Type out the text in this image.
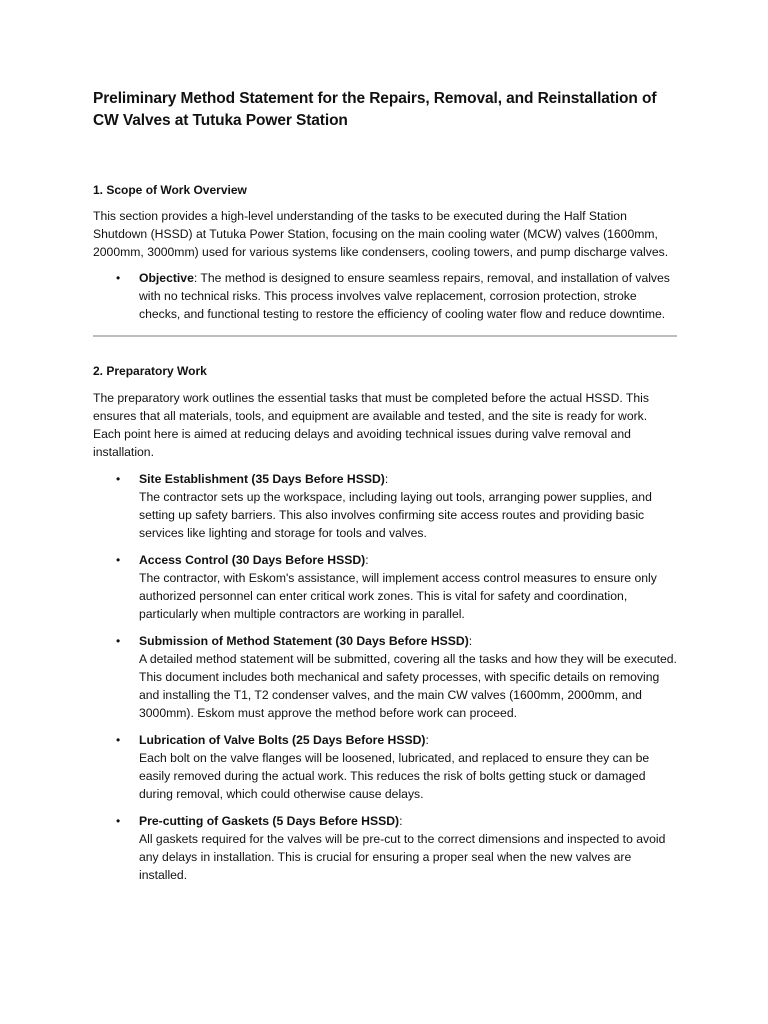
Preliminary Method Statement for the Repairs, Removal, and Reinstallation of CW Valves at Tutuka Power Station
1. Scope of Work Overview

This section provides a high-level understanding of the tasks to be executed during the Half Station Shutdown (HSSD) at Tutuka Power Station, focusing on the main cooling water (MCW) valves (1600mm, 2000mm, 3000mm) used for various systems like condensers, cooling towers, and pump discharge valves.

• Objective: The method is designed to ensure seamless repairs, removal, and installation of valves with no technical risks. This process involves valve replacement, corrosion protection, stroke checks, and functional testing to restore the efficiency of cooling water flow and reduce downtime.
2. Preparatory Work

The preparatory work outlines the essential tasks that must be completed before the actual HSSD. This ensures that all materials, tools, and equipment are available and tested, and the site is ready for work. Each point here is aimed at reducing delays and avoiding technical issues during valve removal and installation.

• Site Establishment (35 Days Before HSSD):
The contractor sets up the workspace, including laying out tools, arranging power supplies, and setting up safety barriers. This also involves confirming site access routes and providing basic services like lighting and storage for tools and valves.
• Access Control (30 Days Before HSSD):
The contractor, with Eskom's assistance, will implement access control measures to ensure only authorized personnel can enter critical work zones. This is vital for safety and coordination, particularly when multiple contractors are working in parallel.
• Submission of Method Statement (30 Days Before HSSD):
A detailed method statement will be submitted, covering all the tasks and how they will be executed. This document includes both mechanical and safety processes, with specific details on removing and installing the T1, T2 condenser valves, and the main CW valves (1600mm, 2000mm, and 3000mm). Eskom must approve the method before work can proceed.
• Lubrication of Valve Bolts (25 Days Before HSSD):
Each bolt on the valve flanges will be loosened, lubricated, and replaced to ensure they can be easily removed during the actual work. This reduces the risk of bolts getting stuck or damaged during removal, which could otherwise cause delays.
• Pre-cutting of Gaskets (5 Days Before HSSD):
All gaskets required for the valves will be pre-cut to the correct dimensions and inspected to avoid any delays in installation. This is crucial for ensuring a proper seal when the new valves are installed.
